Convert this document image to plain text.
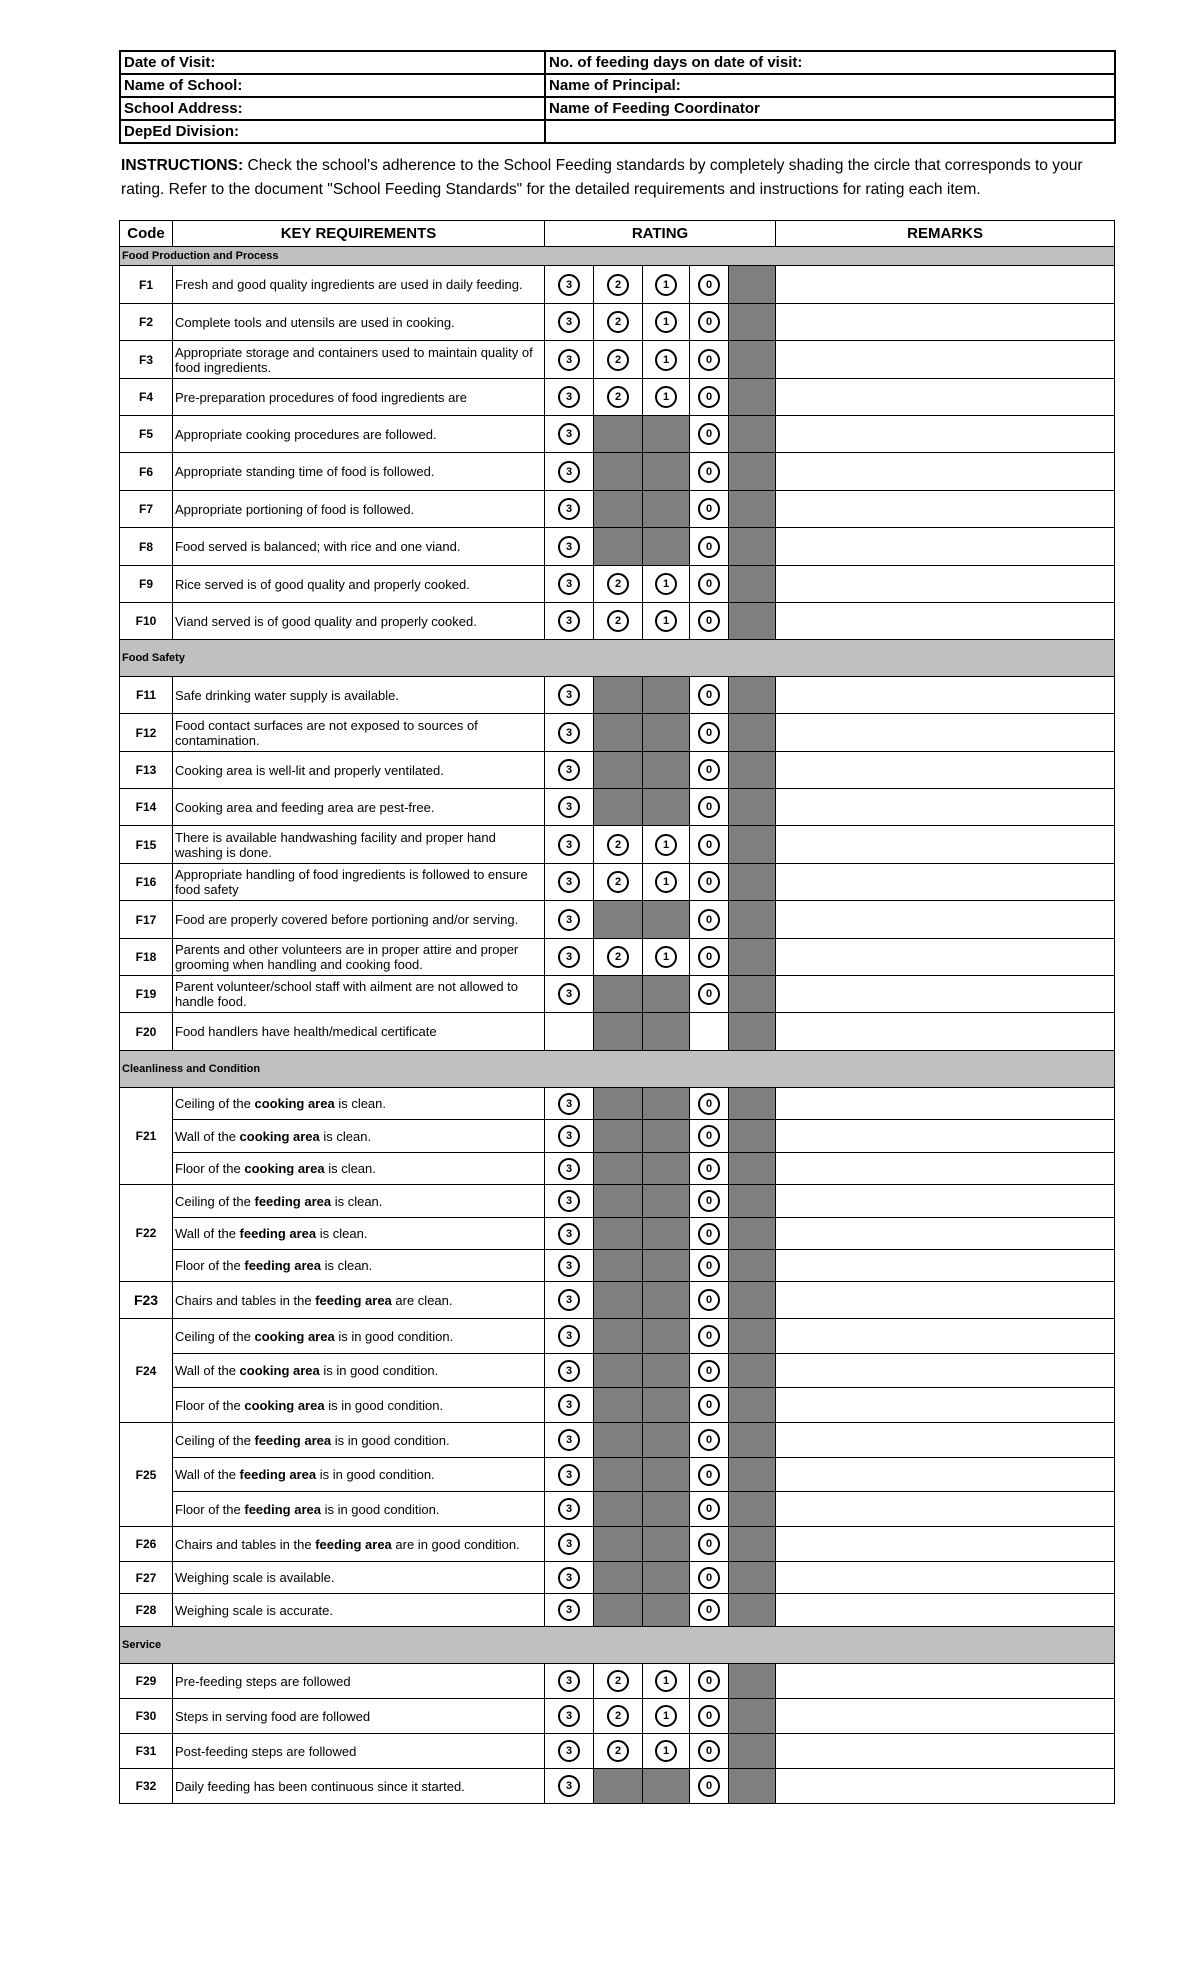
Date of Visit:	No. of feeding days on date of visit:
Name of School:	Name of Principal:
School Address:	Name of Feeding Coordinator
DepEd Division:	
INSTRUCTIONS: Check the school's adherence to the School Feeding standards by completely shading the circle that corresponds to your rating. Refer to the document "School Feeding Standards" for the detailed requirements and instructions for rating each item.
Code	KEY REQUIREMENTS	RATING					REMARKS
Food Production and Process							
F1	Fresh and good quality ingredients are used in daily feeding.	3	2	1	0		
F2	Complete tools and utensils are used in cooking.	3	2	1	0		
F3	Appropriate storage and containers used to maintain quality of food ingredients.	3	2	1	0		
F4	Pre-preparation procedures of food ingredients are	3	2	1	0		
F5	Appropriate cooking procedures are followed.	3			0		
F6	Appropriate standing time of food is followed.	3			0		
F7	Appropriate portioning of food is followed.	3			0		
F8	Food served is balanced; with rice and one viand.	3			0		
F9	Rice served is of good quality and properly cooked.	3	2	1	0		
F10	Viand served is of good quality and properly cooked.	3	2	1	0		
Food Safety							
F11	Safe drinking water supply is available.	3			0		
F12	Food contact surfaces are not exposed to sources of contamination.	3			0		
F13	Cooking area is well-lit and properly ventilated.	3			0		
F14	Cooking area and feeding area are pest-free.	3			0		
F15	There is available handwashing facility and proper hand washing is done.	3	2	1	0		
F16	Appropriate handling of food ingredients is followed to ensure food safety	3	2	1	0		
F17	Food are properly covered before portioning and/or serving.	3			0		
F18	Parents and other volunteers are in proper attire and proper grooming when handling and cooking food.	3	2	1	0		
F19	Parent volunteer/school staff with ailment are not allowed to handle food.	3			0		
F20	Food handlers have health/medical certificate						
Cleanliness and Condition							
F21	Ceiling of the cooking area is clean.	3			0		
	Wall of the cooking area is clean.	3			0		
	Floor of the cooking area is clean.	3			0		
F22	Ceiling of the feeding area is clean.	3			0		
	Wall of the feeding area is clean.	3			0		
	Floor of the feeding area is clean.	3			0		
F23	Chairs and tables in the feeding area are clean.	3			0		
F24	Ceiling of the cooking area is in good condition.	3			0		
	Wall of the cooking area is in good condition.	3			0		
	Floor of the cooking area is in good condition.	3			0		
F25	Ceiling of the feeding area is in good condition.	3			0		
	Wall of the feeding area is in good condition.	3			0		
	Floor of the feeding area is in good condition.	3			0		
F26	Chairs and tables in the feeding area are in good condition.	3			0		
F27	Weighing scale is available.	3			0		
F28	Weighing scale is accurate.	3			0		
Service							
F29	Pre-feeding steps are followed	3	2	1	0		
F30	Steps in serving food are followed	3	2	1	0		
F31	Post-feeding steps are followed	3	2	1	0		
F32	Daily feeding has been continuous since it started.	3			0		
